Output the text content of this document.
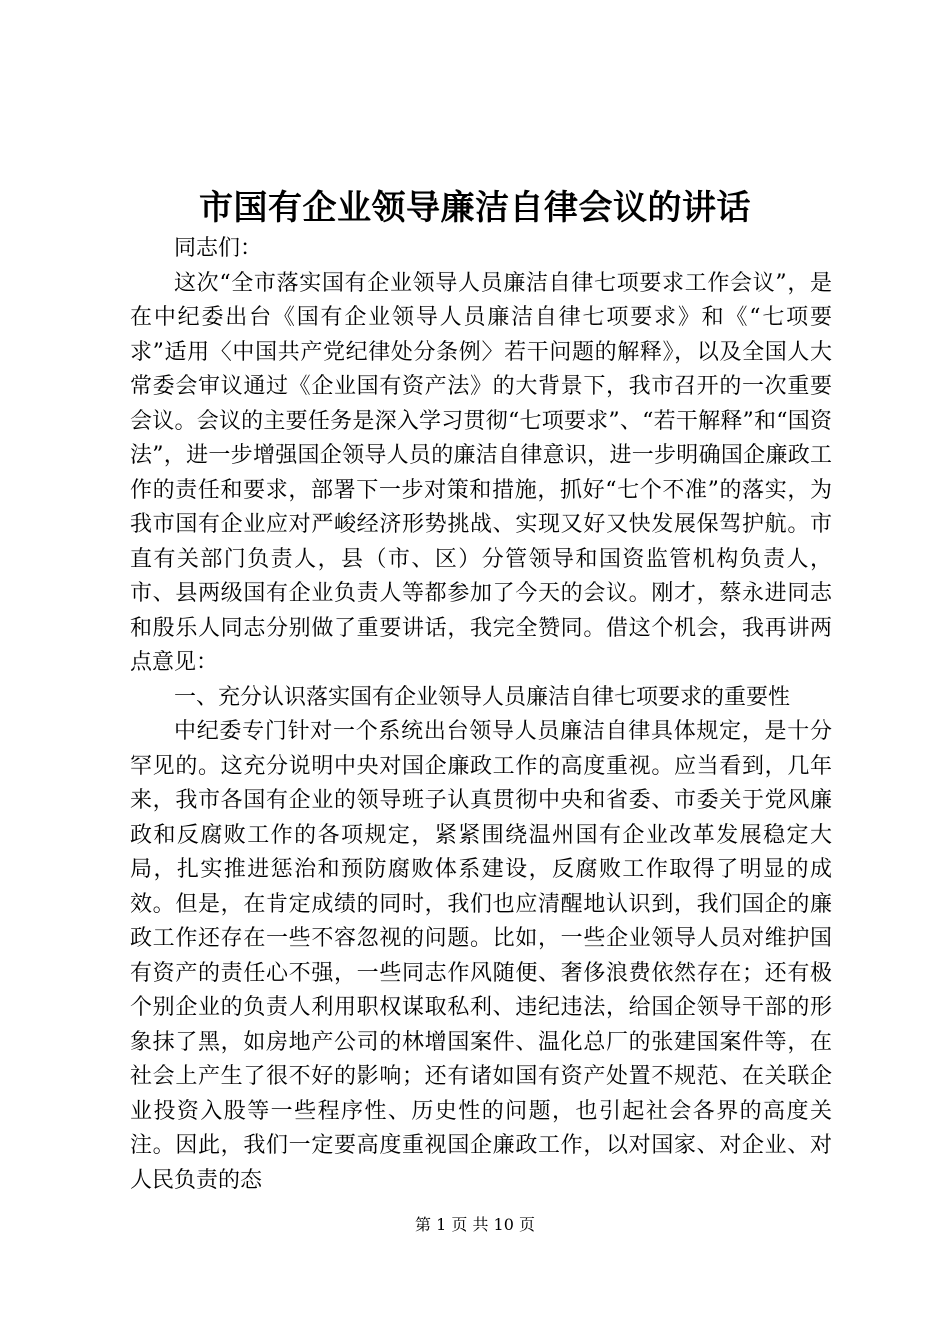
市国有企业领导廉洁自律会议的讲话

同志们：

这次“全市落实国有企业领导人员廉洁自律七项要求工作会议”，是在中纪委出台《国有企业领导人员廉洁自律七项要求》和《“七项要求”适用〈中国共产党纪律处分条例〉若干问题的解释》，以及全国人大常委会审议通过《企业国有资产法》的大背景下，我市召开的一次重要会议。会议的主要任务是深入学习贯彻“七项要求”、“若干解释”和“国资法”，进一步增强国企领导人员的廉洁自律意识，进一步明确国企廉政工作的责任和要求，部署下一步对策和措施，抓好“七个不准”的落实，为我市国有企业应对严峻经济形势挑战、实现又好又快发展保驾护航。市直有关部门负责人，县（市、区）分管领导和国资监管机构负责人，市、县两级国有企业负责人等都参加了今天的会议。刚才，蔡永进同志和殷乐人同志分别做了重要讲话，我完全赞同。借这个机会，我再讲两点意见：

一、充分认识落实国有企业领导人员廉洁自律七项要求的重要性

中纪委专门针对一个系统出台领导人员廉洁自律具体规定，是十分罕见的。这充分说明中央对国企廉政工作的高度重视。应当看到，几年来，我市各国有企业的领导班子认真贯彻中央和省委、市委关于党风廉政和反腐败工作的各项规定，紧紧围绕温州国有企业改革发展稳定大局，扎实推进惩治和预防腐败体系建设，反腐败工作取得了明显的成效。但是，在肯定成绩的同时，我们也应清醒地认识到，我们国企的廉政工作还存在一些不容忽视的问题。比如，一些企业领导人员对维护国有资产的责任心不强，一些同志作风随便、奢侈浪费依然存在；还有极个别企业的负责人利用职权谋取私利、违纪违法，给国企领导干部的形象抹了黑，如房地产公司的林增国案件、温化总厂的张建国案件等，在社会上产生了很不好的影响；还有诸如国有资产处置不规范、在关联企业投资入股等一些程序性、历史性的问题，也引起社会各界的高度关注。因此，我们一定要高度重视国企廉政工作，以对国家、对企业、对人民负责的态

第 1 页 共 10 页
